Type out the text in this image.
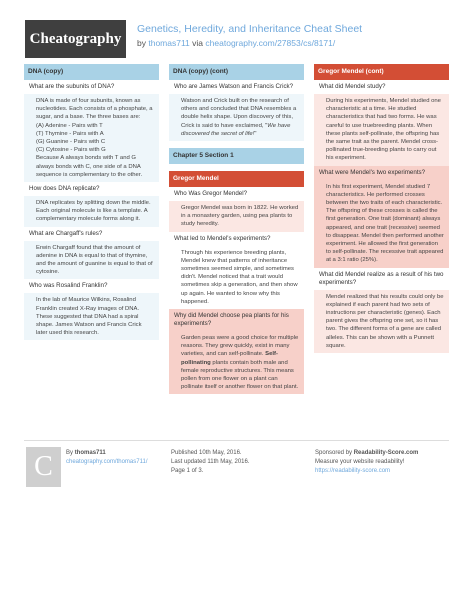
Cheatography
Genetics, Heredity, and Inheritance Cheat Sheet
by thomas711 via cheatography.com/27853/cs/8171/
DNA (copy)
What are the subunits of DNA?
DNA is made of four subunits, known as nucleotides. Each consists of a phosphate, a sugar, and a base. The three bases are:
(A) Adenine - Pairs with T
(T) Thymine - Pairs with A
(G) Guanine - Pairs with C
(C) Cytosine - Pairs with G
Because A always bonds with T and G always bonds with C, one side of a DNA sequence is complementary to the other.
How does DNA replicate?
DNA replicates by splitting down the middle. Each original molecule is like a template. A complementary molecule forms along it.
What are Chargaff's rules?
Erwin Chargaff found that the amount of adenine in DNA is equal to that of thymine, and the amount of guanine is equal to that of cytosine.
Who was Rosalind Franklin?
In the lab of Maurice Wilkins, Rosalind Franklin created X-Ray images of DNA. These suggested that DNA had a spiral shape. James Watson and Francis Crick later used this research.
DNA (copy) (cont)
Who are James Watson and Francis Crick?
Watson and Crick built on the research of others and concluded that DNA resembles a double helix shape. Upon discovery of this, Crick is said to have exclaimed, "We have discovered the secret of life!"
Chapter 5 Section 1
Gregor Mendel
Who Was Gregor Mendel?
Gregor Mendel was born in 1822. He worked in a monastery garden, using pea plants to study heredity.
What led to Mendel's experiments?
Through his experience breeding plants, Mendel knew that patterns of inheritance sometimes seemed simple, and sometimes didn't. Mendel noticed that a trait would sometimes skip a generation, and then show up again. He wanted to know why this happened.
Why did Mendel choose pea plants for his experiments?
Garden peas were a good choice for multiple reasons. They grew quickly, exist in many varieties, and can self-pollinate. Self-pollinating plants contain both male and female reproductive structures. This means pollen from one flower on a plant can pollinate itself or another flower on that plant.
Gregor Mendel (cont)
What did Mendel study?
During his experiments, Mendel studied one characteristic at a time. He studied characteristics that had two forms. He was careful to use truebreeding plants. When these plants self-pollinate, the offspring has the same trait as the parent. Mendel cross-pollinated true-breeding plants to carry out his experiment.
What were Mendel's two experiments?
In his first experiment, Mendel studied 7 characteristics. He performed crosses between the two traits of each characteristic. The offspring of these crosses is called the first generation. One trait (dominant) always appeared, and one trait (recessive) seemed to disappear. Mendel then performed another experiment. He allowed the first generation to self-pollinate. The recessive trait appeared at a 3:1 ratio (25%).
What did Mendel realize as a result of his two experiments?
Mendel realized that his results could only be explained if each parent had two sets of instructions per characteristic (genes). Each parent gives the offspring one set, so it has two. The different forms of a gene are called alleles. This can be shown with a Punnett square.
C	By thomas711
cheatography.com/thomas711/
Published 10th May, 2016.
Last updated 11th May, 2016.
Page 1 of 3.
Sponsored by Readability-Score.com
Measure your website readability!
https://readability-score.com
